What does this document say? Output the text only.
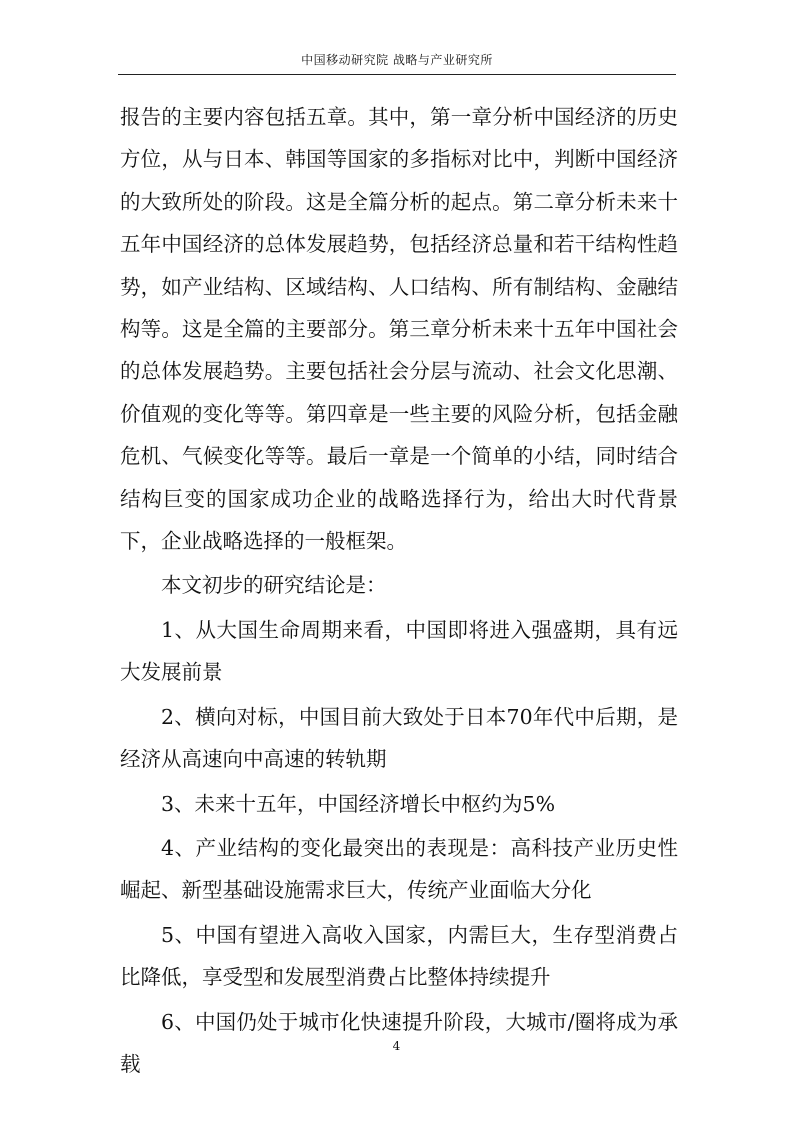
中国移动研究院 战略与产业研究所

报告的主要内容包括五章。其中，第一章分析中国经济的历史方位，从与日本、韩国等国家的多指标对比中，判断中国经济的大致所处的阶段。这是全篇分析的起点。第二章分析未来十五年中国经济的总体发展趋势，包括经济总量和若干结构性趋势，如产业结构、区域结构、人口结构、所有制结构、金融结构等。这是全篇的主要部分。第三章分析未来十五年中国社会的总体发展趋势。主要包括社会分层与流动、社会文化思潮、价值观的变化等等。第四章是一些主要的风险分析，包括金融危机、气候变化等等。最后一章是一个简单的小结，同时结合结构巨变的国家成功企业的战略选择行为，给出大时代背景下，企业战略选择的一般框架。

本文初步的研究结论是：

1、从大国生命周期来看，中国即将进入强盛期，具有远大发展前景

2、横向对标，中国目前大致处于日本70年代中后期，是经济从高速向中高速的转轨期

3、未来十五年，中国经济增长中枢约为5%

4、产业结构的变化最突出的表现是：高科技产业历史性崛起、新型基础设施需求巨大，传统产业面临大分化

5、中国有望进入高收入国家，内需巨大，生存型消费占比降低，享受型和发展型消费占比整体持续提升

6、中国仍处于城市化快速提升阶段，大城市/圈将成为承载

4
